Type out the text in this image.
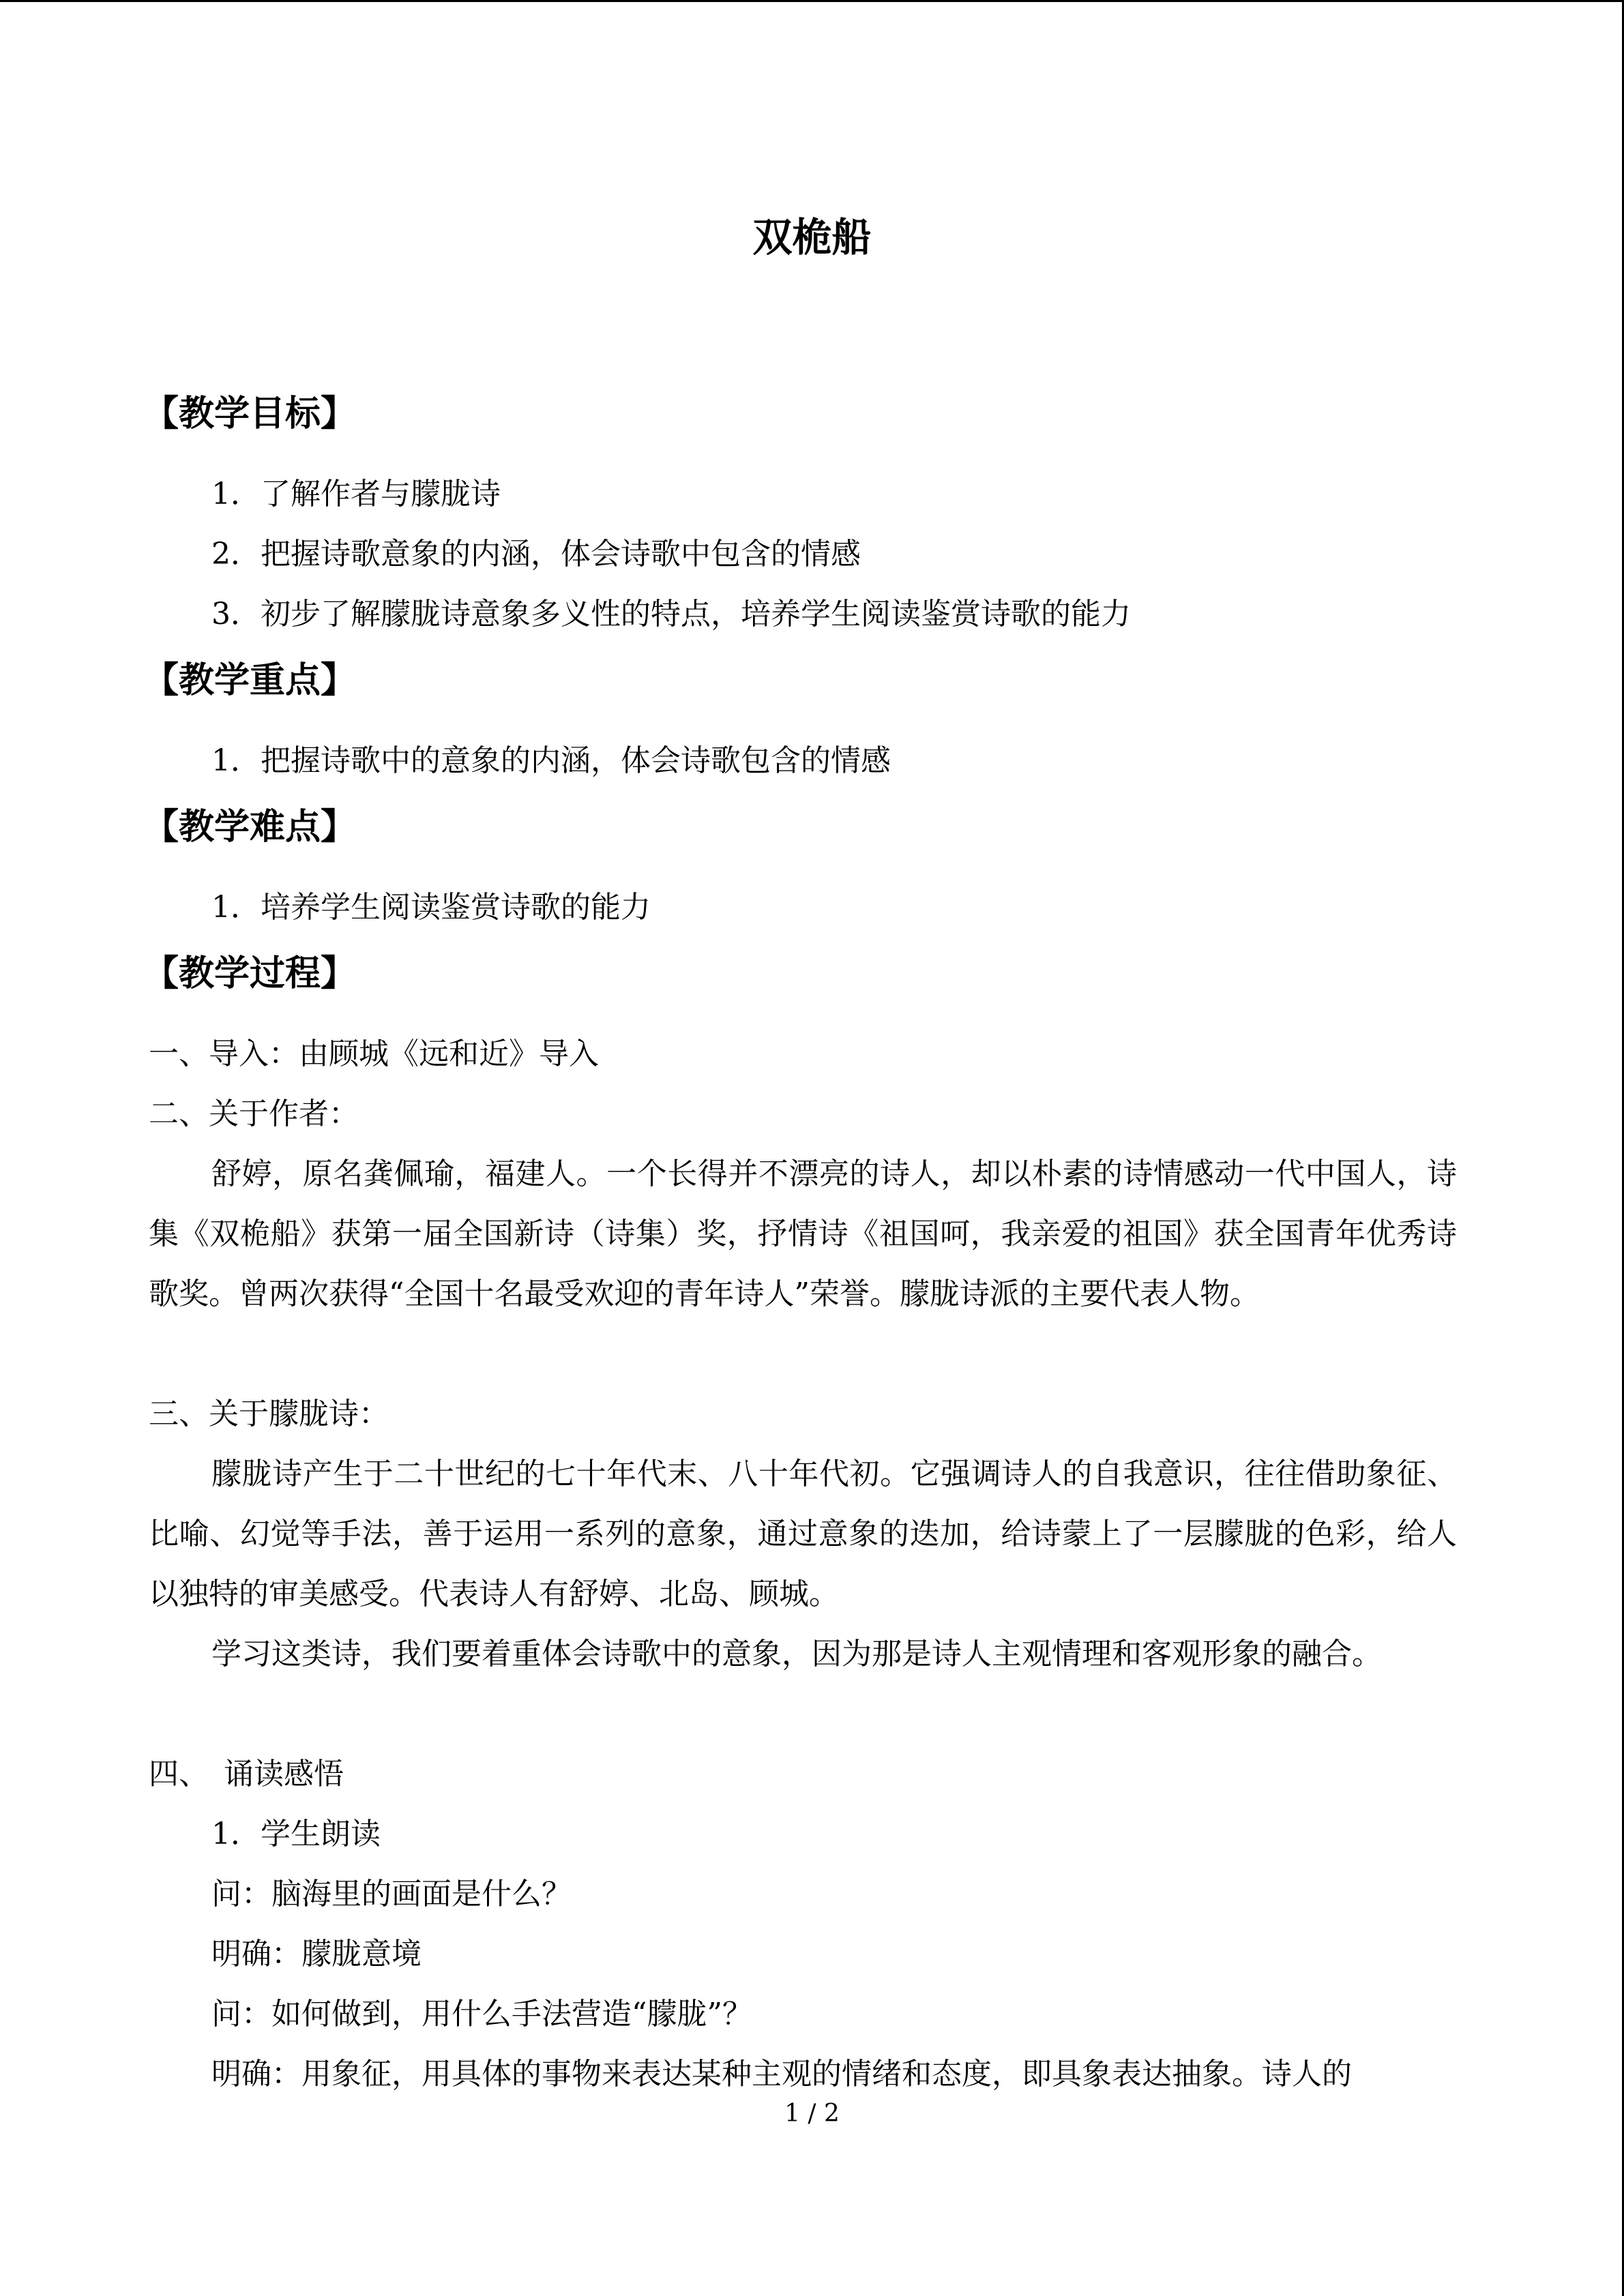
双桅船
【教学目标】
1．了解作者与朦胧诗
2．把握诗歌意象的内涵，体会诗歌中包含的情感
3．初步了解朦胧诗意象多义性的特点，培养学生阅读鉴赏诗歌的能力
【教学重点】
1．把握诗歌中的意象的内涵，体会诗歌包含的情感
【教学难点】
1．培养学生阅读鉴赏诗歌的能力
【教学过程】
一、导入：由顾城《远和近》导入
二、关于作者：

舒婷，原名龚佩瑜，福建人。一个长得并不漂亮的诗人，却以朴素的诗情感动一代中国人，诗集《双桅船》获第一届全国新诗（诗集）奖，抒情诗《祖国呵，我亲爱的祖国》获全国青年优秀诗歌奖。曾两次获得“全国十名最受欢迎的青年诗人”荣誉。朦胧诗派的主要代表人物。

三、关于朦胧诗：

朦胧诗产生于二十世纪的七十年代末、八十年代初。它强调诗人的自我意识，往往借助象征、比喻、幻觉等手法，善于运用一系列的意象，通过意象的迭加，给诗蒙上了一层朦胧的色彩，给人以独特的审美感受。代表诗人有舒婷、北岛、顾城。

学习这类诗，我们要着重体会诗歌中的意象，因为那是诗人主观情理和客观形象的融合。

四、　诵读感悟
1．学生朗读
问：脑海里的画面是什么？
明确：朦胧意境
问：如何做到，用什么手法营造“朦胧”？
明确：用象征，用具体的事物来表达某种主观的情绪和态度，即具象表达抽象。诗人的
1 / 2
